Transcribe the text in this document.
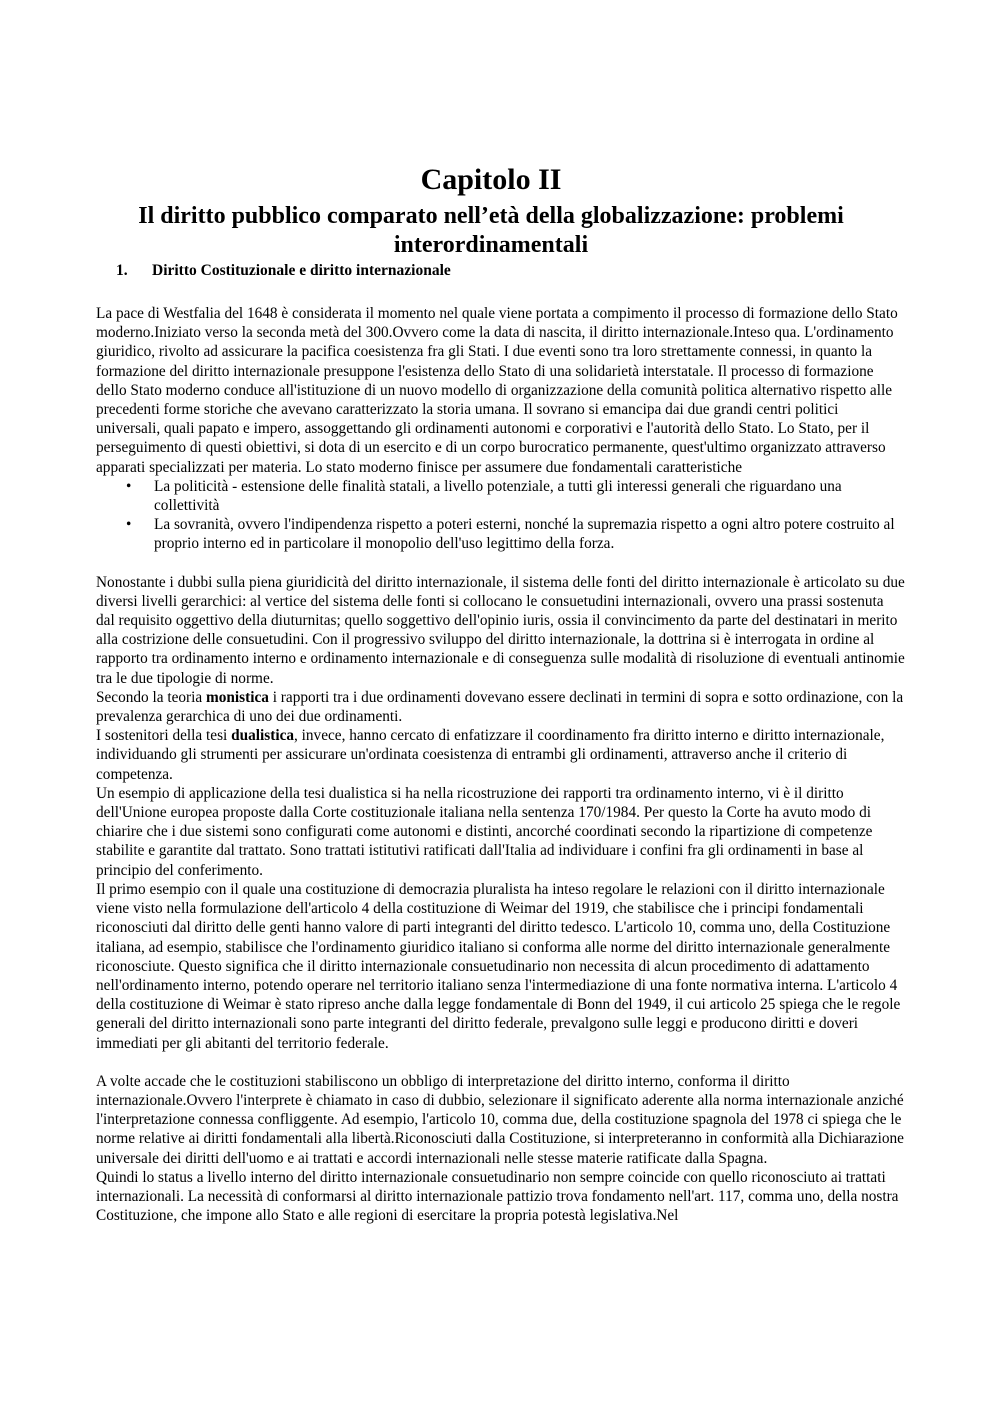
Capitolo II
Il diritto pubblico comparato nell’età della globalizzazione: problemi interordinamentali
1. Diritto Costituzionale e diritto internazionale

La pace di Westfalia del 1648 è considerata il momento nel quale viene portata a compimento il processo di formazione dello Stato moderno.Iniziato verso la seconda metà del 300.Ovvero come la data di nascita, il diritto internazionale.Inteso qua. L'ordinamento giuridico, rivolto ad assicurare la pacifica coesistenza fra gli Stati. I due eventi sono tra loro strettamente connessi, in quanto la formazione del diritto internazionale presuppone l'esistenza dello Stato di una solidarietà interstatale. Il processo di formazione dello Stato moderno conduce all'istituzione di un nuovo modello di organizzazione della comunità politica alternativo rispetto alle precedenti forme storiche che avevano caratterizzato la storia umana. Il sovrano si emancipa dai due grandi centri politici universali, quali papato e impero, assoggettando gli ordinamenti autonomi e corporativi e l'autorità dello Stato. Lo Stato, per il perseguimento di questi obiettivi, si dota di un esercito e di un corpo burocratico permanente, quest'ultimo organizzato attraverso apparati specializzati per materia. Lo stato moderno finisce per assumere due fondamentali caratteristiche

• La politicità - estensione delle finalità statali, a livello potenziale, a tutti gli interessi generali che riguardano una collettività
• La sovranità, ovvero l'indipendenza rispetto a poteri esterni, nonché la supremazia rispetto a ogni altro potere costruito al proprio interno ed in particolare il monopolio dell'uso legittimo della forza.

Nonostante i dubbi sulla piena giuridicità del diritto internazionale, il sistema delle fonti del diritto internazionale è articolato su due diversi livelli gerarchici: al vertice del sistema delle fonti si collocano le consuetudini internazionali, ovvero una prassi sostenuta dal requisito oggettivo della diuturnitas; quello soggettivo dell'opinio iuris, ossia il convincimento da parte del destinatari in merito alla costrizione delle consuetudini. Con il progressivo sviluppo del diritto internazionale, la dottrina si è interrogata in ordine al rapporto tra ordinamento interno e ordinamento internazionale e di conseguenza sulle modalità di risoluzione di eventuali antinomie tra le due tipologie di norme.

Secondo la teoria monistica i rapporti tra i due ordinamenti dovevano essere declinati in termini di sopra e sotto ordinazione, con la prevalenza gerarchica di uno dei due ordinamenti.

I sostenitori della tesi dualistica, invece, hanno cercato di enfatizzare il coordinamento fra diritto interno e diritto internazionale, individuando gli strumenti per assicurare un'ordinata coesistenza di entrambi gli ordinamenti, attraverso anche il criterio di competenza.

Un esempio di applicazione della tesi dualistica si ha nella ricostruzione dei rapporti tra ordinamento interno, vi è il diritto dell'Unione europea proposte dalla Corte costituzionale italiana nella sentenza 170/1984. Per questo la Corte ha avuto modo di chiarire che i due sistemi sono configurati come autonomi e distinti, ancorché coordinati secondo la ripartizione di competenze stabilite e garantite dal trattato. Sono trattati istitutivi ratificati dall'Italia ad individuare i confini fra gli ordinamenti in base al principio del conferimento.

Il primo esempio con il quale una costituzione di democrazia pluralista ha inteso regolare le relazioni con il diritto internazionale viene visto nella formulazione dell'articolo 4 della costituzione di Weimar del 1919, che stabilisce che i principi fondamentali riconosciuti dal diritto delle genti hanno valore di parti integranti del diritto tedesco. L'articolo 10, comma uno, della Costituzione italiana, ad esempio, stabilisce che l'ordinamento giuridico italiano si conforma alle norme del diritto internazionale generalmente riconosciute. Questo significa che il diritto internazionale consuetudinario non necessita di alcun procedimento di adattamento nell'ordinamento interno, potendo operare nel territorio italiano senza l'intermediazione di una fonte normativa interna. L'articolo 4 della costituzione di Weimar è stato ripreso anche dalla legge fondamentale di Bonn del 1949, il cui articolo 25 spiega che le regole generali del diritto internazionali sono parte integranti del diritto federale, prevalgono sulle leggi e producono diritti e doveri immediati per gli abitanti del territorio federale.

A volte accade che le costituzioni stabiliscono un obbligo di interpretazione del diritto interno, conforma il diritto internazionale.Ovvero l'interprete è chiamato in caso di dubbio, selezionare il significato aderente alla norma internazionale anziché l'interpretazione connessa confliggente. Ad esempio, l'articolo 10, comma due, della costituzione spagnola del 1978 ci spiega che le norme relative ai diritti fondamentali alla libertà.Riconosciuti dalla Costituzione, si interpreteranno in conformità alla Dichiarazione universale dei diritti dell'uomo e ai trattati e accordi internazionali nelle stesse materie ratificate dalla Spagna.

Quindi lo status a livello interno del diritto internazionale consuetudinario non sempre coincide con quello riconosciuto ai trattati internazionali. La necessità di conformarsi al diritto internazionale pattizio trova fondamento nell'art. 117, comma uno, della nostra Costituzione, che impone allo Stato e alle regioni di esercitare la propria potestà legislativa.Nel
